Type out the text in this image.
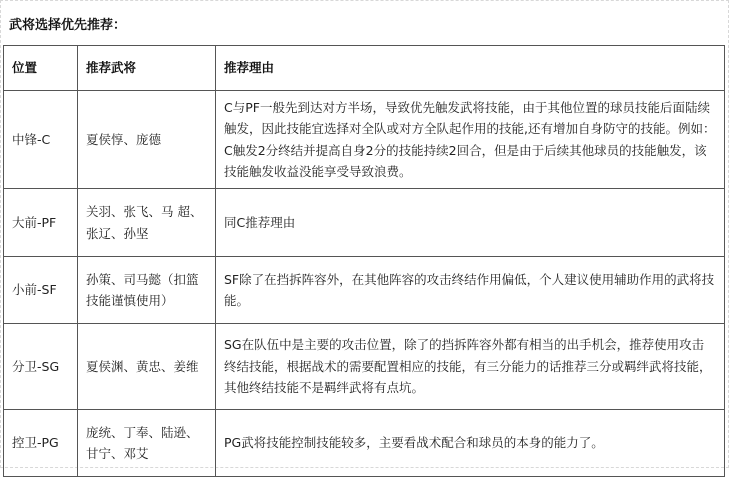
武将选择优先推荐：
位置	推荐武将	推荐理由
中锋-C	夏侯惇、庞德	C与PF一般先到达对方半场，导致优先触发武将技能，由于其他位置的球员技能后面陆续触发，因此技能宜选择对全队或对方全队起作用的技能,还有增加自身防守的技能。例如：C触发2分终结并提高自身2分的技能持续2回合，但是由于后续其他球员的技能触发，该技能触发收益没能享受导致浪费。
大前-PF	关羽、张飞、马 超、张辽、孙坚	同C推荐理由
小前-SF	孙策、司马懿（扣篮技能谨慎使用）	SF除了在挡拆阵容外，在其他阵容的攻击终结作用偏低，个人建议使用辅助作用的武将技能。
分卫-SG	夏侯渊、黄忠、姜维	SG在队伍中是主要的攻击位置，除了的挡拆阵容外都有相当的出手机会，推荐使用攻击终结技能，根据战术的需要配置相应的技能，有三分能力的话推荐三分或羁绊武将技能，其他终结技能不是羁绊武将有点坑。
控卫-PG	庞统、丁奉、陆逊、甘宁、邓艾	PG武将技能控制技能较多，主要看战术配合和球员的本身的能力了。
